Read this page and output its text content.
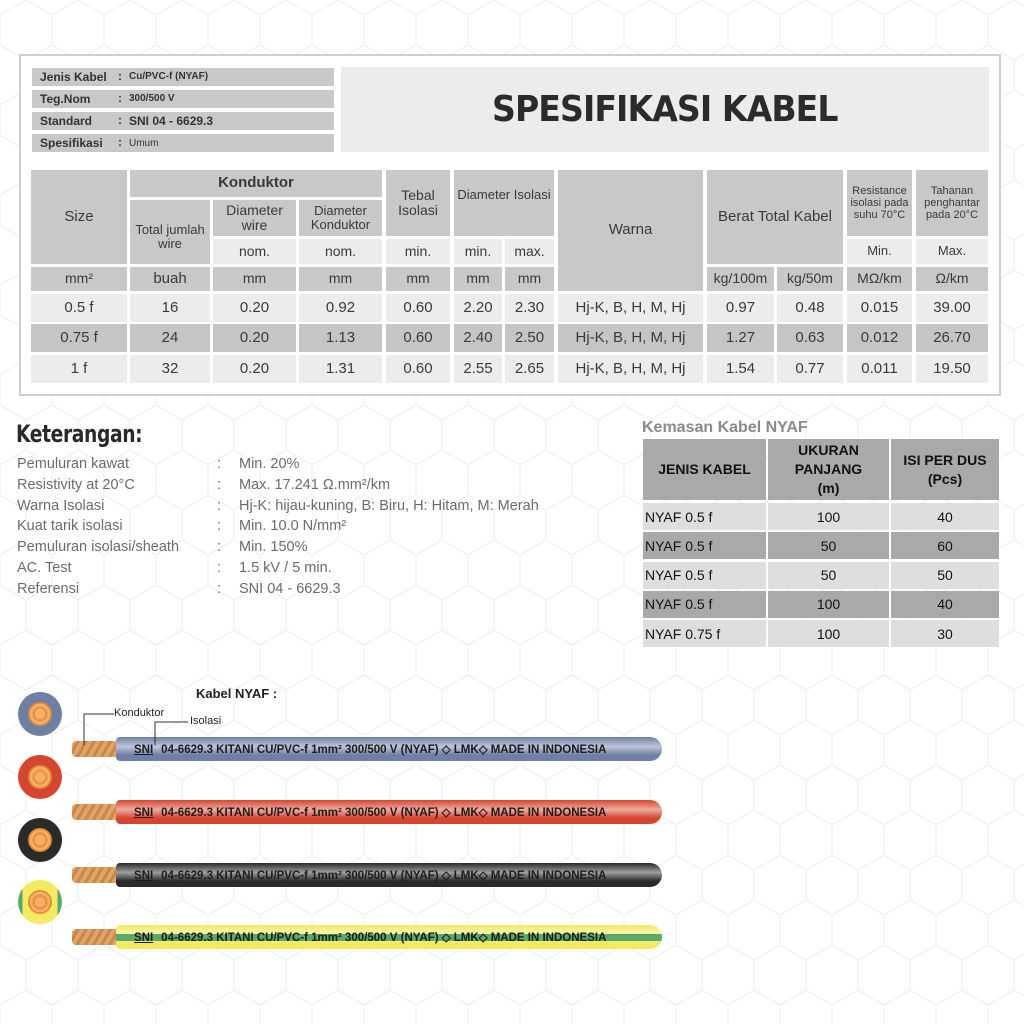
Jenis Kabel : Cu/PVC-f (NYAF)
Teg.Nom : 300/500 V
Standard : SNI 04 - 6629.3
Spesifikasi : Umum
SPESIFIKASI KABEL
Size
Konduktor
Total jumlah wire
Diameter wire
Diameter Konduktor
Tebal Isolasi
Diameter Isolasi
Warna
Berat Total Kabel
Resistance isolasi pada suhu 70°C
Tahanan penghantar pada 20°C
nom.	nom.	min.	min.	max.	Min.	Max.
mm²	buah	mm	mm	mm	mm	mm	kg/100m	kg/50m	MΩ/km	Ω/km
0.5 f	16	0.20	0.92	0.60	2.20	2.30	Hj-K, B, H, M, Hj	0.97	0.48	0.015	39.00
0.75 f	24	0.20	1.13	0.60	2.40	2.50	Hj-K, B, H, M, Hj	1.27	0.63	0.012	26.70
1 f	32	0.20	1.31	0.60	2.55	2.65	Hj-K, B, H, M, Hj	1.54	0.77	0.011	19.50
Keterangan:
Pemuluran kawat	: Min. 20%
Resistivity at 20°C	: Max. 17.241 Ω.mm²/km
Warna Isolasi	: Hj-K: hijau-kuning, B: Biru, H: Hitam, M: Merah
Kuat tarik isolasi	: Min. 10.0 N/mm²
Pemuluran isolasi/sheath	: Min. 150%
AC. Test	: 1.5 kV / 5 min.
Referensi	: SNI 04 - 6629.3
Kemasan Kabel NYAF
JENIS KABEL
UKURAN PANJANG (m)
ISI PER DUS (Pcs)
NYAF 0.5 f	100	40
NYAF 0.5 f	50	60
NYAF 0.5 f	50	50
NYAF 0.5 f	100	40
NYAF 0.75 f	100	30
Kabel NYAF :
Konduktor
Isolasi
SNI 04-6629.3 KITANI CU/PVC-f 1mm² 300/500 V (NYAF) ◇ LMK◇ MADE IN INDONESIA
SNI 04-6629.3 KITANI CU/PVC-f 1mm² 300/500 V (NYAF) ◇ LMK◇ MADE IN INDONESIA
SNI 04-6629.3 KITANI CU/PVC-f 1mm² 300/500 V (NYAF) ◇ LMK◇ MADE IN INDONESIA
SNI 04-6629.3 KITANI CU/PVC-f 1mm² 300/500 V (NYAF) ◇ LMK◇ MADE IN INDONESIA
